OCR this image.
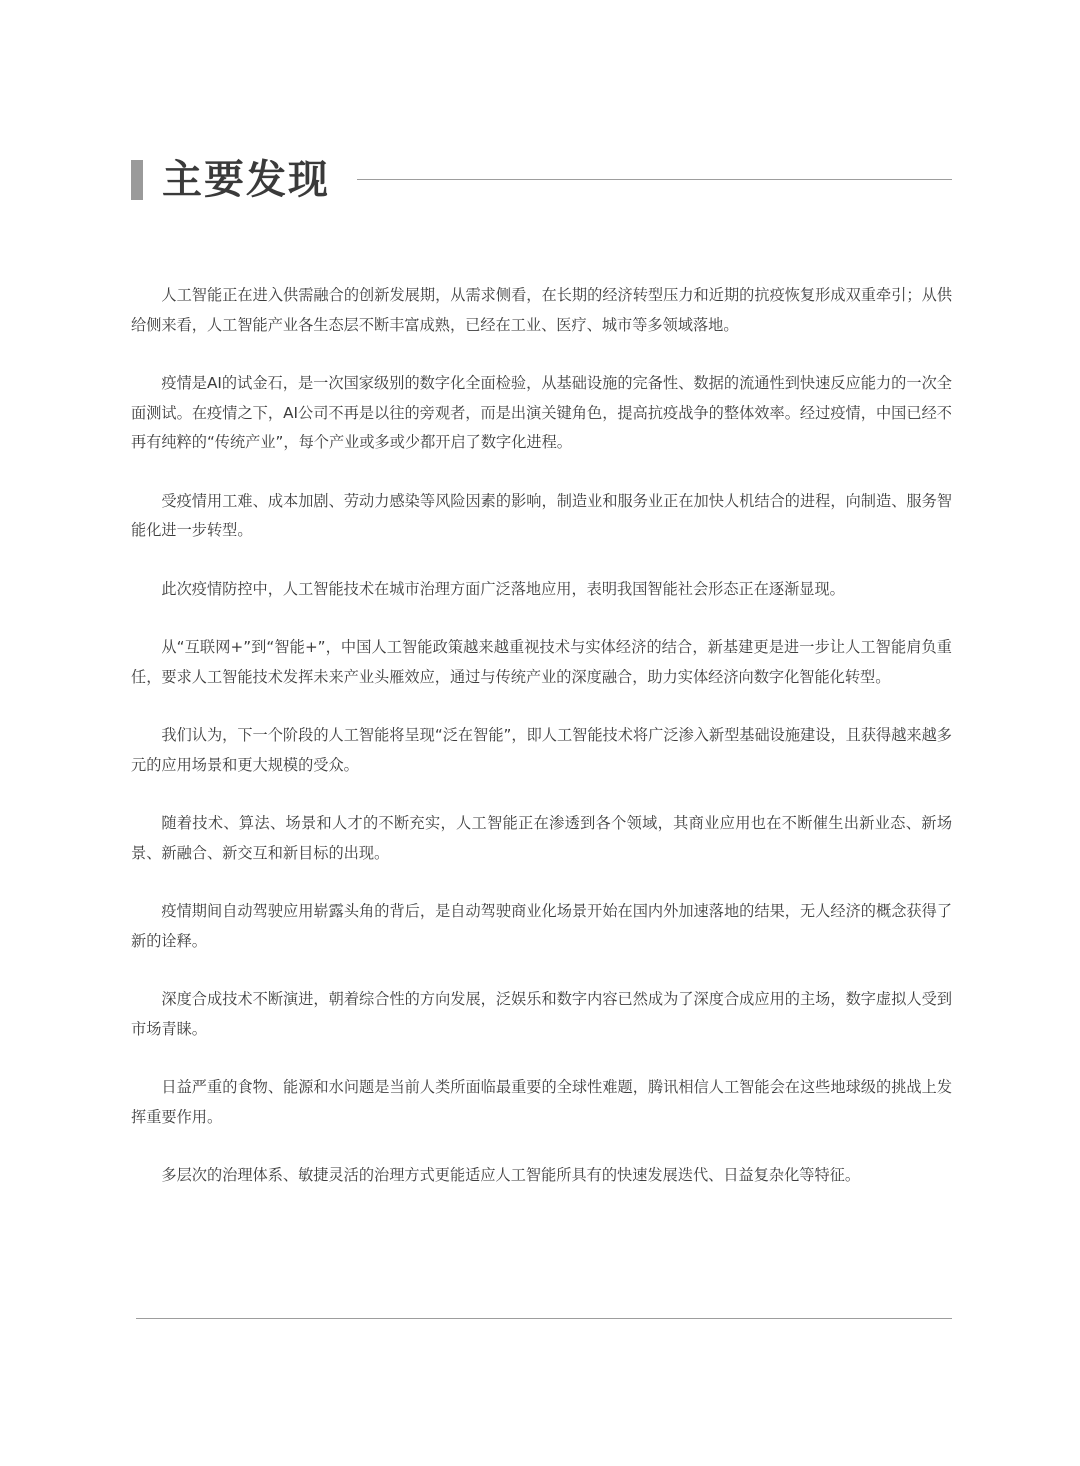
主要发现

人工智能正在进入供需融合的创新发展期，从需求侧看，在长期的经济转型压力和近期的抗疫恢复形成双重牵引；从供给侧来看，人工智能产业各生态层不断丰富成熟，已经在工业、医疗、城市等多领域落地。

疫情是AI的试金石，是一次国家级别的数字化全面检验，从基础设施的完备性、数据的流通性到快速反应能力的一次全面测试。在疫情之下，AI公司不再是以往的旁观者，而是出演关键角色，提高抗疫战争的整体效率。经过疫情，中国已经不再有纯粹的“传统产业”，每个产业或多或少都开启了数字化进程。

受疫情用工难、成本加剧、劳动力感染等风险因素的影响，制造业和服务业正在加快人机结合的进程，向制造、服务智能化进一步转型。

此次疫情防控中，人工智能技术在城市治理方面广泛落地应用，表明我国智能社会形态正在逐渐显现。

从“互联网+”到“智能+”，中国人工智能政策越来越重视技术与实体经济的结合，新基建更是进一步让人工智能肩负重任，要求人工智能技术发挥未来产业头雁效应，通过与传统产业的深度融合，助力实体经济向数字化智能化转型。

我们认为，下一个阶段的人工智能将呈现“泛在智能”，即人工智能技术将广泛渗入新型基础设施建设，且获得越来越多元的应用场景和更大规模的受众。

随着技术、算法、场景和人才的不断充实，人工智能正在渗透到各个领域，其商业应用也在不断催生出新业态、新场景、新融合、新交互和新目标的出现。

疫情期间自动驾驶应用崭露头角的背后，是自动驾驶商业化场景开始在国内外加速落地的结果，无人经济的概念获得了新的诠释。

深度合成技术不断演进，朝着综合性的方向发展，泛娱乐和数字内容已然成为了深度合成应用的主场，数字虚拟人受到市场青睐。

日益严重的食物、能源和水问题是当前人类所面临最重要的全球性难题，腾讯相信人工智能会在这些地球级的挑战上发挥重要作用。

多层次的治理体系、敏捷灵活的治理方式更能适应人工智能所具有的快速发展迭代、日益复杂化等特征。
